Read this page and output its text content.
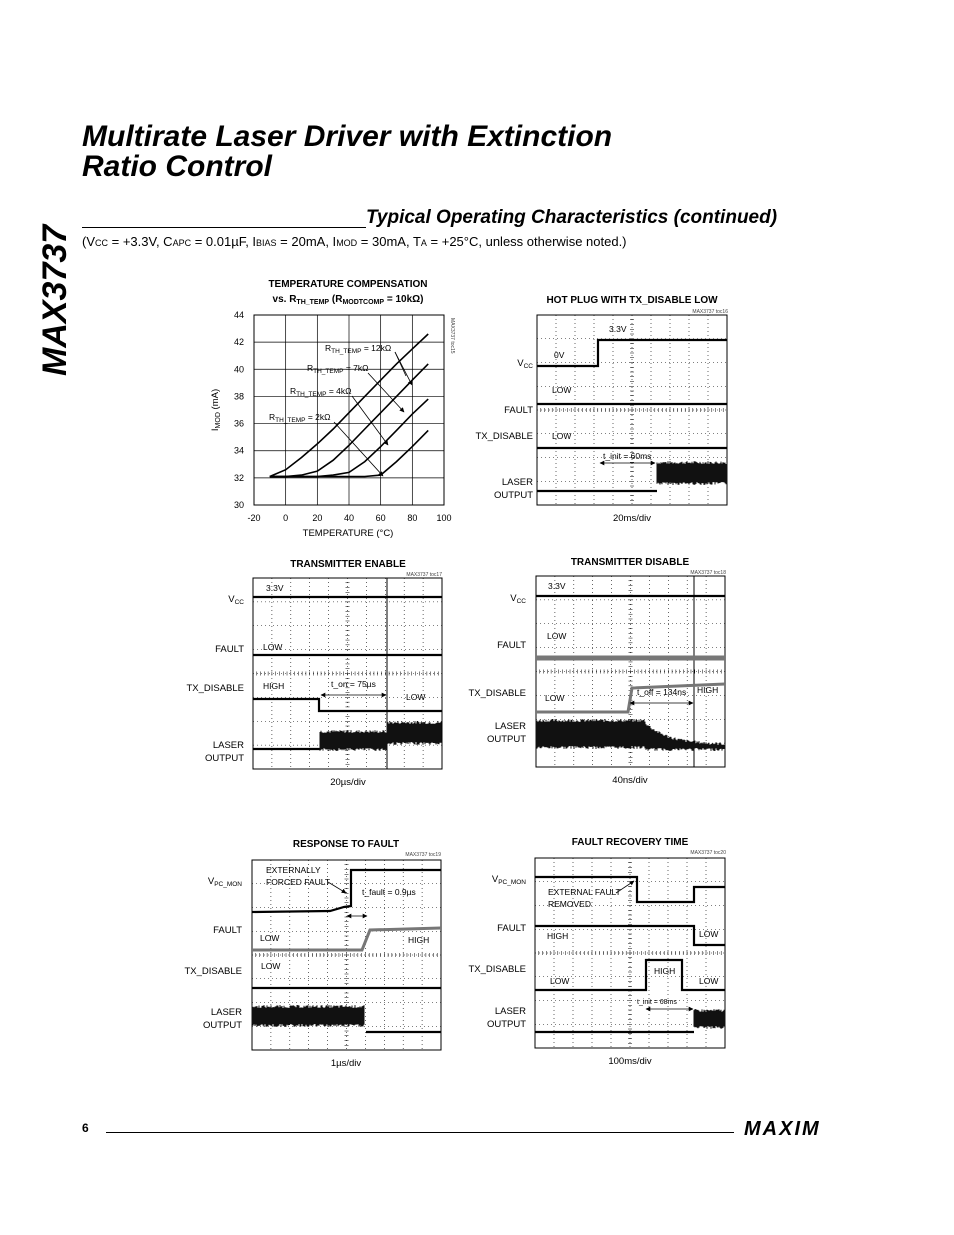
MAX3737
Multirate Laser Driver with Extinction
Ratio Control
Typical Operating Characteristics (continued)
(VCC = +3.3V, CAPC = 0.01µF, IBIAS = 20mA, IMOD = 30mA, TA = +25°C, unless otherwise noted.)
TEMPERATURE COMPENSATION
vs. $R_{TH\_TEMP}$ $(R_{MODTCOMP} = 10k\Omega)$
MAX3737 toc15
-20	0	20 40 60 80 100
30
32
34
36
38
40
42
44
TEMPERATURE (°C)
$I_{MOD}$ (mA)
$R_{TH\_TEMP} = 12k\Omega$
$R_{TH\_TEMP} = 7k\Omega$
$R_{TH\_TEMP} = 4k\Omega$
$R_{TH\_TEMP} = 2k\Omega$
HOT PLUG WITH TX_DISABLE LOW
MAX3737 toc16
0V
3.3V
LOW
LOW
t_init = 60ms
20ms/div
$V_{CC}$
FAULT
TX_DISABLE
LASER
OUTPUT
TRANSMITTER ENABLE
MAX3737 toc17
3.3V
LOW
HIGH
LOW
t_on = 75µs
20µs/div
$V_{CC}$
FAULT
TX_DISABLE
LASER
OUTPUT
TRANSMITTER DISABLE
MAX3737 toc18
3.3V
LOW
LOW
HIGH
t_off = 134ns
40ns/div
$V_{CC}$
FAULT
TX_DISABLE
LASER
OUTPUT
RESPONSE TO FAULT
MAX3737 toc19
LOW	HIGH
LOW
t_fault = 0.9µs
EXTERNALLY
FORCED FAULT
1µs/div
$V_{PC\_MON}$
FAULT
TX_DISABLE
LASER
OUTPUT
FAULT RECOVERY TIME
MAX3737 toc20
EXTERNAL FAULT
REMOVED
HIGH	LOW
LOW
HIGH
LOW
t_init = 68ms
100ms/div
$V_{PC\_MON}$
FAULT
TX_DISABLE
LASER
OUTPUT
6	MAXIM
